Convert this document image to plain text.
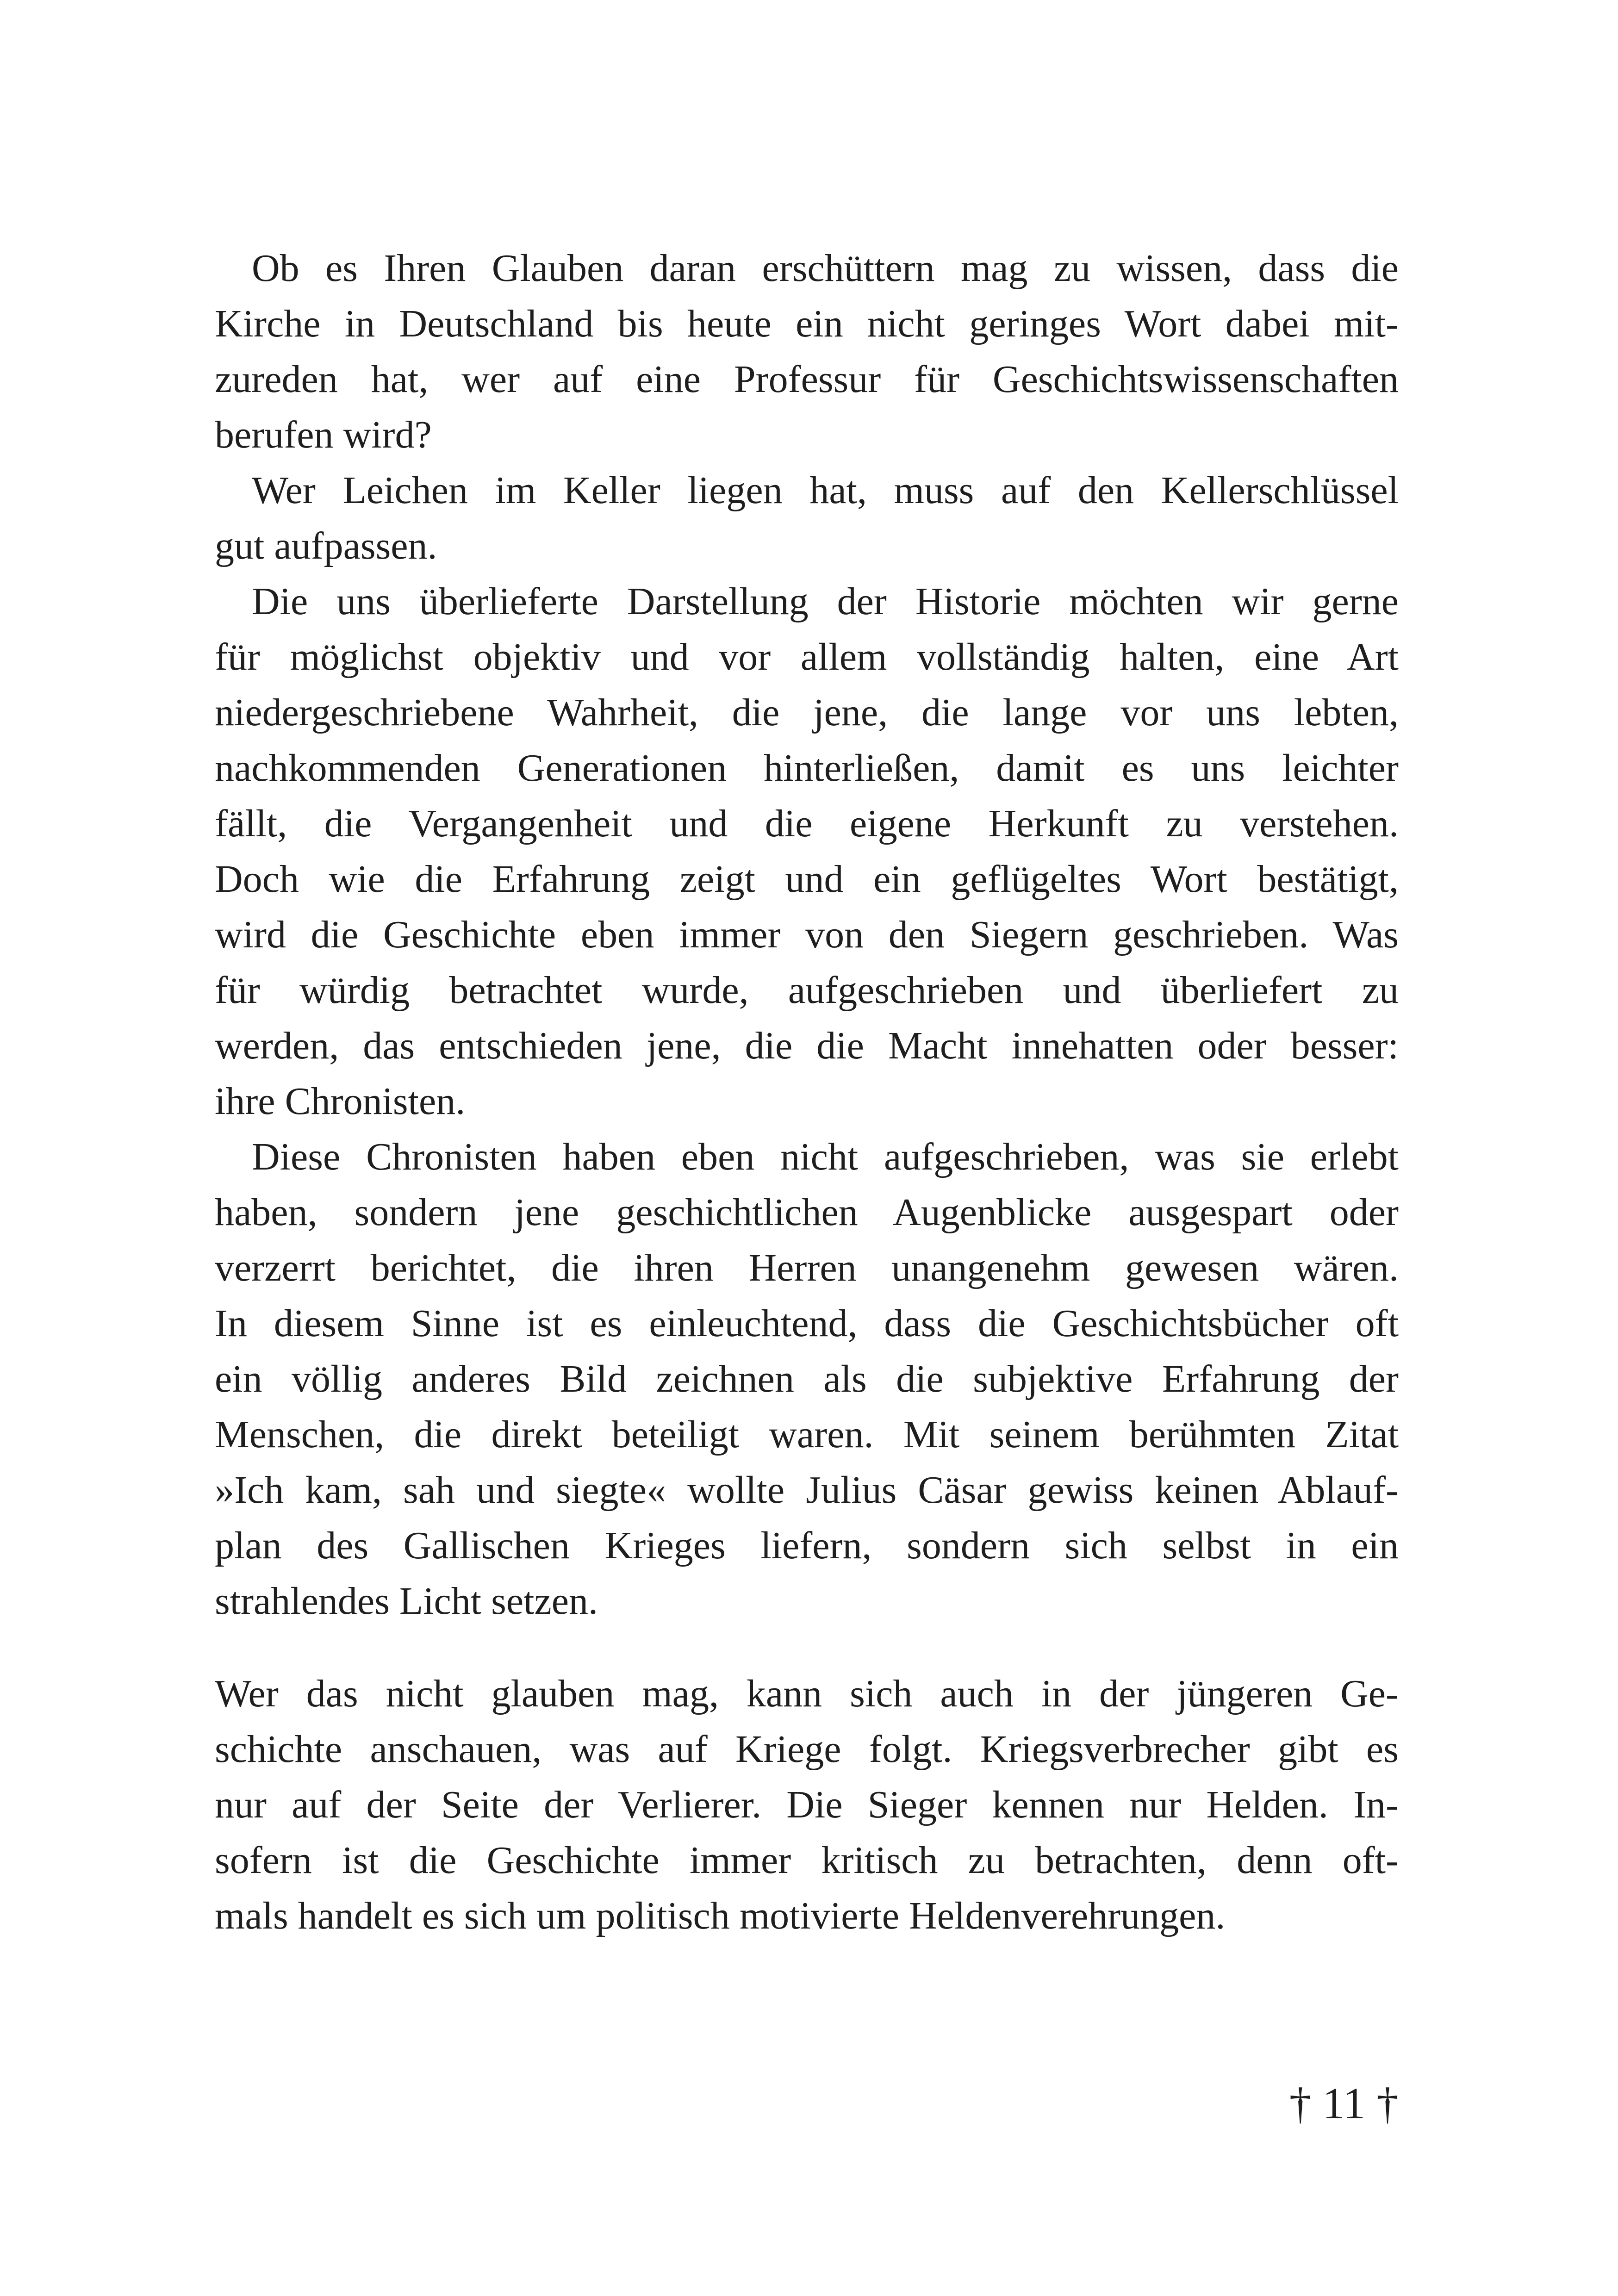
Ob es Ihren Glauben daran erschüttern mag zu wissen, dass die
Kirche in Deutschland bis heute ein nicht geringes Wort dabei mit-
zureden hat, wer auf eine Professur für Geschichtswissenschaften
berufen wird?
Wer Leichen im Keller liegen hat, muss auf den Kellerschlüssel
gut aufpassen.
Die uns überlieferte Darstellung der Historie möchten wir gerne
für möglichst objektiv und vor allem vollständig halten, eine Art
niedergeschriebene Wahrheit, die jene, die lange vor uns lebten,
nachkommenden Generationen hinterließen, damit es uns leichter
fällt, die Vergangenheit und die eigene Herkunft zu verstehen.
Doch wie die Erfahrung zeigt und ein geflügeltes Wort bestätigt,
wird die Geschichte eben immer von den Siegern geschrieben. Was
für würdig betrachtet wurde, aufgeschrieben und überliefert zu
werden, das entschieden jene, die die Macht innehatten oder besser:
ihre Chronisten.
Diese Chronisten haben eben nicht aufgeschrieben, was sie erlebt
haben, sondern jene geschichtlichen Augenblicke ausgespart oder
verzerrt berichtet, die ihren Herren unangenehm gewesen wären.
In diesem Sinne ist es einleuchtend, dass die Geschichtsbücher oft
ein völlig anderes Bild zeichnen als die subjektive Erfahrung der
Menschen, die direkt beteiligt waren. Mit seinem berühmten Zitat
»Ich kam, sah und siegte« wollte Julius Cäsar gewiss keinen Ablauf-
plan des Gallischen Krieges liefern, sondern sich selbst in ein
strahlendes Licht setzen.
Wer das nicht glauben mag, kann sich auch in der jüngeren Ge-
schichte anschauen, was auf Kriege folgt. Kriegsverbrecher gibt es
nur auf der Seite der Verlierer. Die Sieger kennen nur Helden. In-
sofern ist die Geschichte immer kritisch zu betrachten, denn oft-
mals handelt es sich um politisch motivierte Heldenverehrungen.
† 11 †
